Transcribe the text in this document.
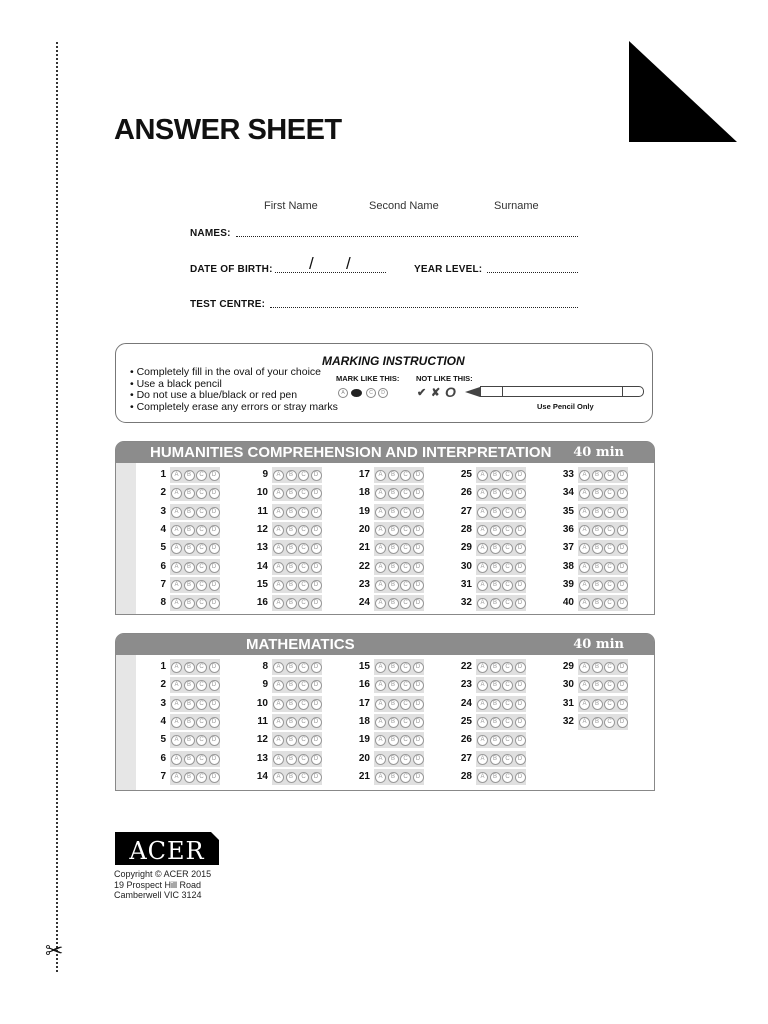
✂
ANSWER SHEET
First Name	Second Name	Surname
NAMES:
DATE OF BIRTH: / /	YEAR LEVEL:
TEST CENTRE:
MARKING INSTRUCTION
• Completely fill in the oval of your choice
• Use a black pencil
• Do not use a blue/black or red pen
• Completely erase any errors or stray marks
MARK LIKE THIS:
A	C	D
NOT LIKE THIS:
✔ ✘ O
Use Pencil Only
HUMANITIES COMPREHENSION AND INTERPRETATION 40 min
1	A	B	C	D
2	A	B	C	D
3	A	B	C	D
4	A	B	C	D
5	A	B	C	D
6	A	B	C	D
7	A	B	C	D
8	A	B	C	D
9	A	B	C	D
10	A	B	C	D
11	A	B	C	D
12	A	B	C	D
13	A	B	C	D
14	A	B	C	D
15	A	B	C	D
16	A	B	C	D
17	A	B	C	D
18	A	B	C	D
19	A	B	C	D
20	A	B	C	D
21	A	B	C	D
22	A	B	C	D
23	A	B	C	D
24	A	B	C	D
25	A	B	C	D
26	A	B	C	D
27	A	B	C	D
28	A	B	C	D
29	A	B	C	D
30	A	B	C	D
31	A	B	C	D
32	A	B	C	D
33	A	B	C	D
34	A	B	C	D
35	A	B	C	D
36	A	B	C	D
37	A	B	C	D
38	A	B	C	D
39	A	B	C	D
40	A	B	C	D
MATHEMATICS	40 min
1	A	B	C	D
2	A	B	C	D
3	A	B	C	D
4	A	B	C	D
5	A	B	C	D
6	A	B	C	D
7	A	B	C	D
8	A	B	C	D
9	A	B	C	D
10	A	B	C	D
11	A	B	C	D
12	A	B	C	D
13	A	B	C	D
14	A	B	C	D
15	A	B	C	D
16	A	B	C	D
17	A	B	C	D
18	A	B	C	D
19	A	B	C	D
20	A	B	C	D
21	A	B	C	D
22	A	B	C	D
23	A	B	C	D
24	A	B	C	D
25	A	B	C	D
26	A	B	C	D
27	A	B	C	D
28	A	B	C	D
29	A	B	C	D
30	A	B	C	D
31	A	B	C	D
32	A	B	C	D
ACER
Copyright © ACER 2015
19 Prospect Hill Road
Camberwell VIC 3124
